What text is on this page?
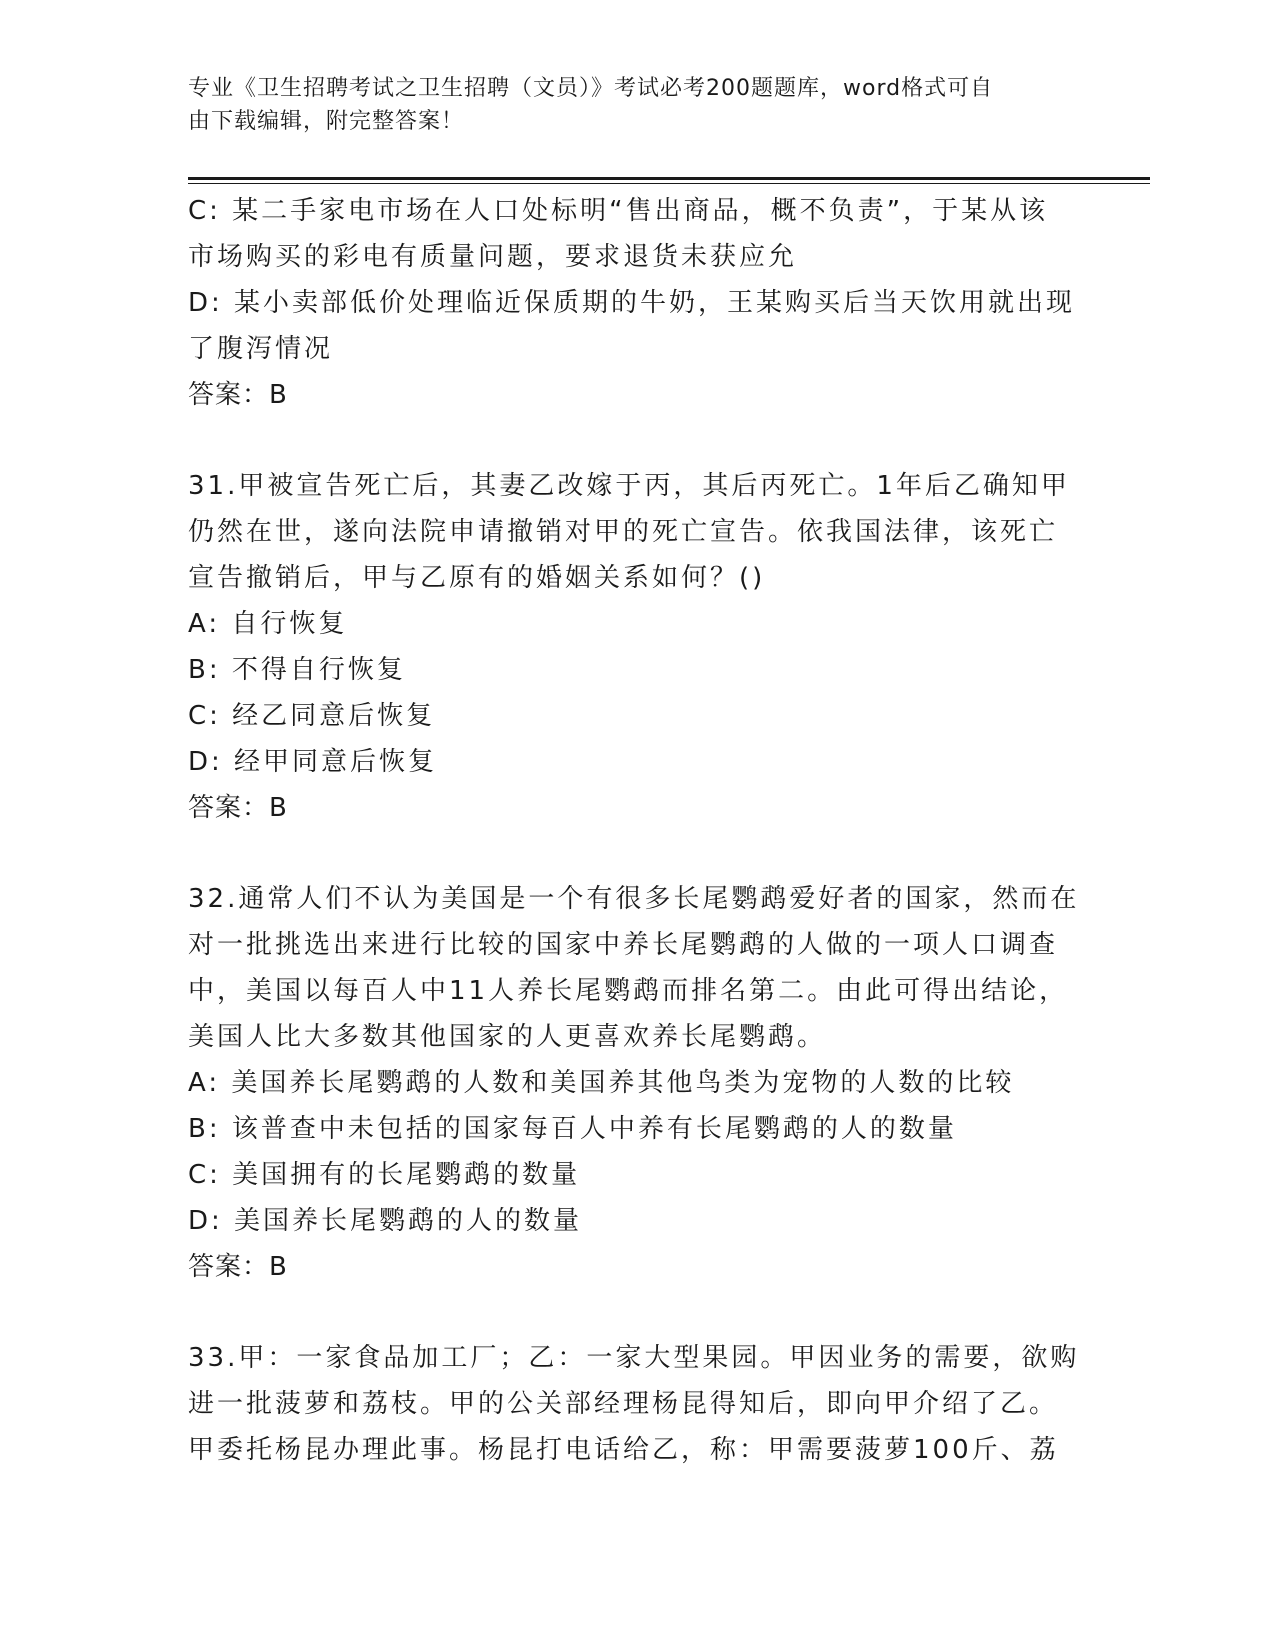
专业《卫生招聘考试之卫生招聘（文员）》考试必考200题题库，word格式可自
由下载编辑，附完整答案！
C: 某二手家电市场在人口处标明“售出商品，概不负责”，于某从该
市场购买的彩电有质量问题，要求退货未获应允
D: 某小卖部低价处理临近保质期的牛奶，王某购买后当天饮用就出现
了腹泻情况
答案：B
31.甲被宣告死亡后，其妻乙改嫁于丙，其后丙死亡。1年后乙确知甲
仍然在世，遂向法院申请撤销对甲的死亡宣告。依我国法律，该死亡
宣告撤销后，甲与乙原有的婚姻关系如何？()
A: 自行恢复
B: 不得自行恢复
C: 经乙同意后恢复
D: 经甲同意后恢复
答案：B
32.通常人们不认为美国是一个有很多长尾鹦鹉爱好者的国家，然而在
对一批挑选出来进行比较的国家中养长尾鹦鹉的人做的一项人口调查
中，美国以每百人中11人养长尾鹦鹉而排名第二。由此可得出结论，
美国人比大多数其他国家的人更喜欢养长尾鹦鹉。
A: 美国养长尾鹦鹉的人数和美国养其他鸟类为宠物的人数的比较
B: 该普查中未包括的国家每百人中养有长尾鹦鹉的人的数量
C: 美国拥有的长尾鹦鹉的数量
D: 美国养长尾鹦鹉的人的数量
答案：B
33.甲：一家食品加工厂；乙：一家大型果园。甲因业务的需要，欲购
进一批菠萝和荔枝。甲的公关部经理杨昆得知后，即向甲介绍了乙。
甲委托杨昆办理此事。杨昆打电话给乙，称：甲需要菠萝100斤、荔
